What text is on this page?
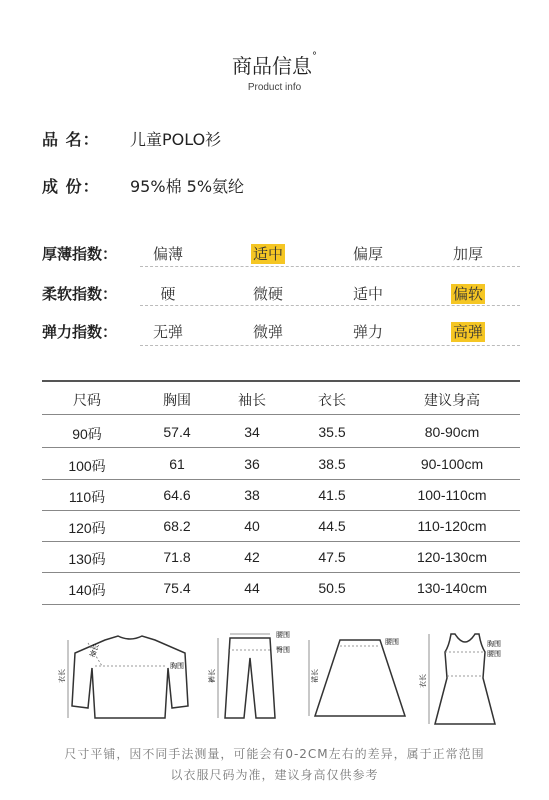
商品信息°
Product info
品 名： 儿童POLO衫
成 份： 95%棉 5%氨纶
厚薄指数：	偏薄	适中	偏厚	加厚
柔软指数：	硬	微硬	适中	偏软
弹力指数：	无弹	微弹	弹力	高弹
尺码	胸围	袖长	衣长	建议身高
90码	57.4	34	35.5	80-90cm
100码	61	36	38.5	90-100cm
110码	64.6	38	41.5	100-110cm
120码	68.2	40	44.5	110-120cm
130码	71.8	42	47.5	120-130cm
140码	75.4	44	50.5	130-140cm
袖长
胸围
衣长
腰围
臀围
裤长
腰围
裙长
胸围
腰围
衣长
尺寸平铺，因不同手法测量，可能会有0-2CM左右的差异，属于正常范围
以衣服尺码为准，建议身高仅供参考
